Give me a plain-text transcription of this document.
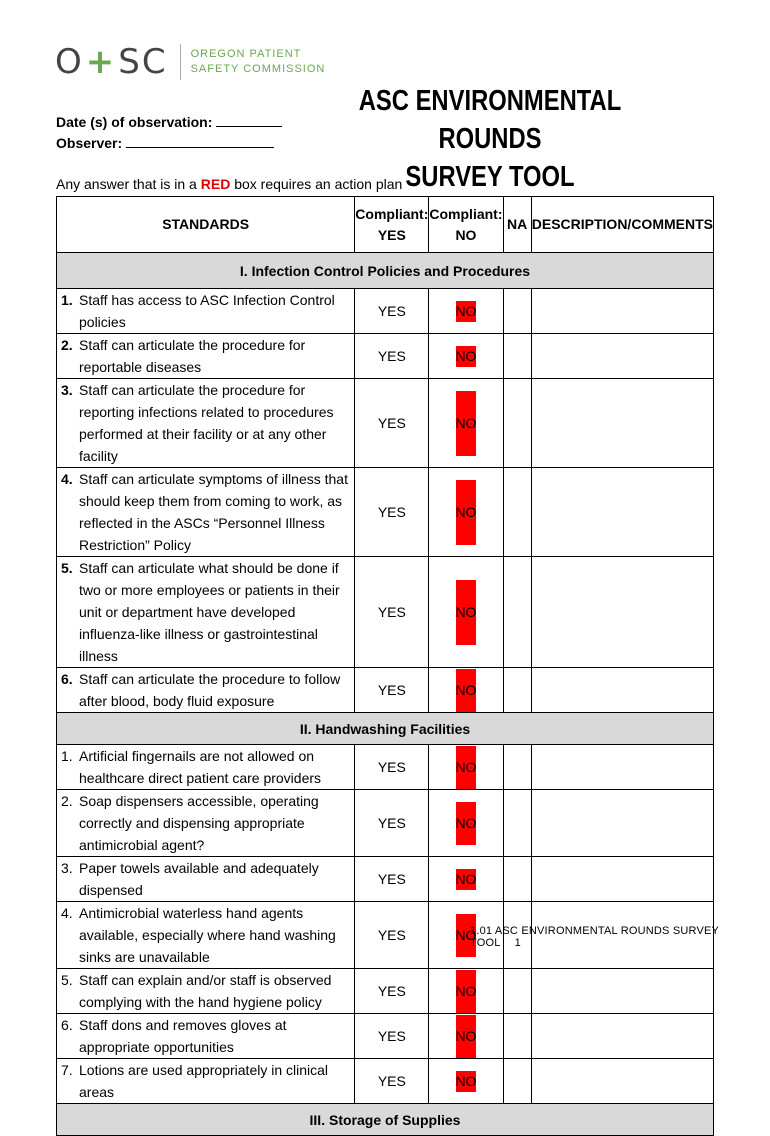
O + SC OREGON PATIENT
SAFETY COMMISSION
ASC ENVIRONMENTAL ROUNDS
SURVEY TOOL
Date (s) of observation:
Observer:
Any answer that is in a RED box requires an action plan
STANDARDS	Compliant: YES	Compliant: NO	NA	DESCRIPTION/COMMENTS
I. Infection Control Policies and Procedures				

1. Staff has access to ASC Infection Control policies	YES	NO		

2. Staff can articulate the procedure for reportable diseases	YES	NO		

3. Staff can articulate the procedure for reporting infections related to procedures performed at their facility or at any other facility	YES	NO		

4. Staff can articulate symptoms of illness that should keep them from coming to work, as reflected in the ASCs “Personnel Illness Restriction” Policy	YES	NO		

5. Staff can articulate what should be done if two or more employees or patients in their unit or department have developed influenza-like illness or gastrointestinal illness	YES	NO		

6. Staff can articulate the procedure to follow after blood, body fluid exposure	YES	NO		

II. Handwashing Facilities				

1. Artificial fingernails are not allowed on healthcare direct patient care providers	YES	NO		

2. Soap dispensers accessible, operating correctly and dispensing appropriate antimicrobial agent?	YES	NO		

3. Paper towels available and adequately dispensed	YES	NO		

4. Antimicrobial waterless hand agents available, especially where hand washing sinks are unavailable	YES	NO		

5. Staff can explain and/or staff is observed complying with the hand hygiene policy	YES	NO		

6. Staff dons and removes gloves at appropriate opportunities	YES	NO		

7. Lotions are used appropriately in clinical areas	YES	NO		

III. Storage of Supplies				
1.01 ASC ENVIRONMENTAL ROUNDS SURVEY TOOL 1
